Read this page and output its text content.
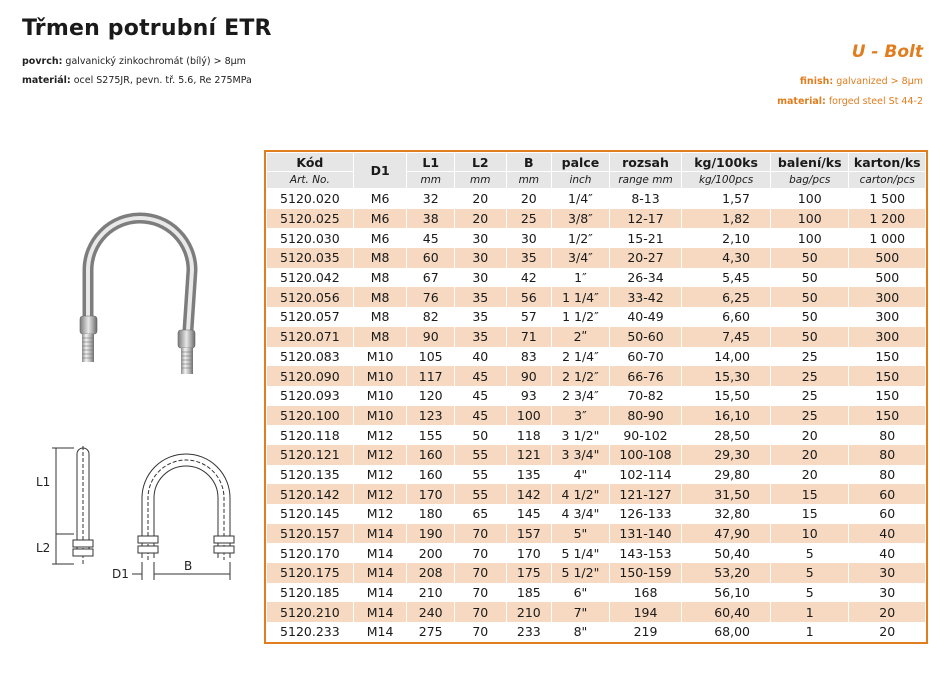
Třmen potrubní ETR
povrch: galvanický zinkochromát (bílý) > 8μm
materiál: ocel S275JR, pevn. tř. 5.6, Re 275MPa
U - Bolt
finish: galvanized > 8μm
material: forged steel St 44-2
L1
L2
D1
B
Kód	D1	L1	L2	B	palce	rozsah	kg/100ks	balení/ks	karton/ks
Art. No.		mm	mm	mm	inch	range mm	kg/100pcs	bag/pcs	carton/pcs
5120.020	M6	32	20	20	1/4″	8-13	1,57	100	1 500
5120.025	M6	38	20	25	3/8″	12-17	1,82	100	1 200
5120.030	M6	45	30	30	1/2″	15-21	2,10	100	1 000
5120.035	M8	60	30	35	3/4″	20-27	4,30	50	500
5120.042	M8	67	30	42	1″	26-34	5,45	50	500
5120.056	M8	76	35	56	1 1/4″	33-42	6,25	50	300
5120.057	M8	82	35	57	1 1/2″	40-49	6,60	50	300
5120.071	M8	90	35	71	2ʺ	50-60	7,45	50	300
5120.083	M10	105	40	83	2 1/4″	60-70	14,00	25	150
5120.090	M10	117	45	90	2 1/2″	66-76	15,30	25	150
5120.093	M10	120	45	93	2 3/4″	70-82	15,50	25	150
5120.100	M10	123	45	100	3″	80-90	16,10	25	150
5120.118	M12	155	50	118	3 1/2"	90-102	28,50	20	80
5120.121	M12	160	55	121	3 3/4"	100-108	29,30	20	80
5120.135	M12	160	55	135	4"	102-114	29,80	20	80
5120.142	M12	170	55	142	4 1/2"	121-127	31,50	15	60
5120.145	M12	180	65	145	4 3/4"	126-133	32,80	15	60
5120.157	M14	190	70	157	5"	131-140	47,90	10	40
5120.170	M14	200	70	170	5 1/4"	143-153	50,40	5	40
5120.175	M14	208	70	175	5 1/2"	150-159	53,20	5	30
5120.185	M14	210	70	185	6"	168	56,10	5	30
5120.210	M14	240	70	210	7"	194	60,40	1	20
5120.233	M14	275	70	233	8"	219	68,00	1	20
